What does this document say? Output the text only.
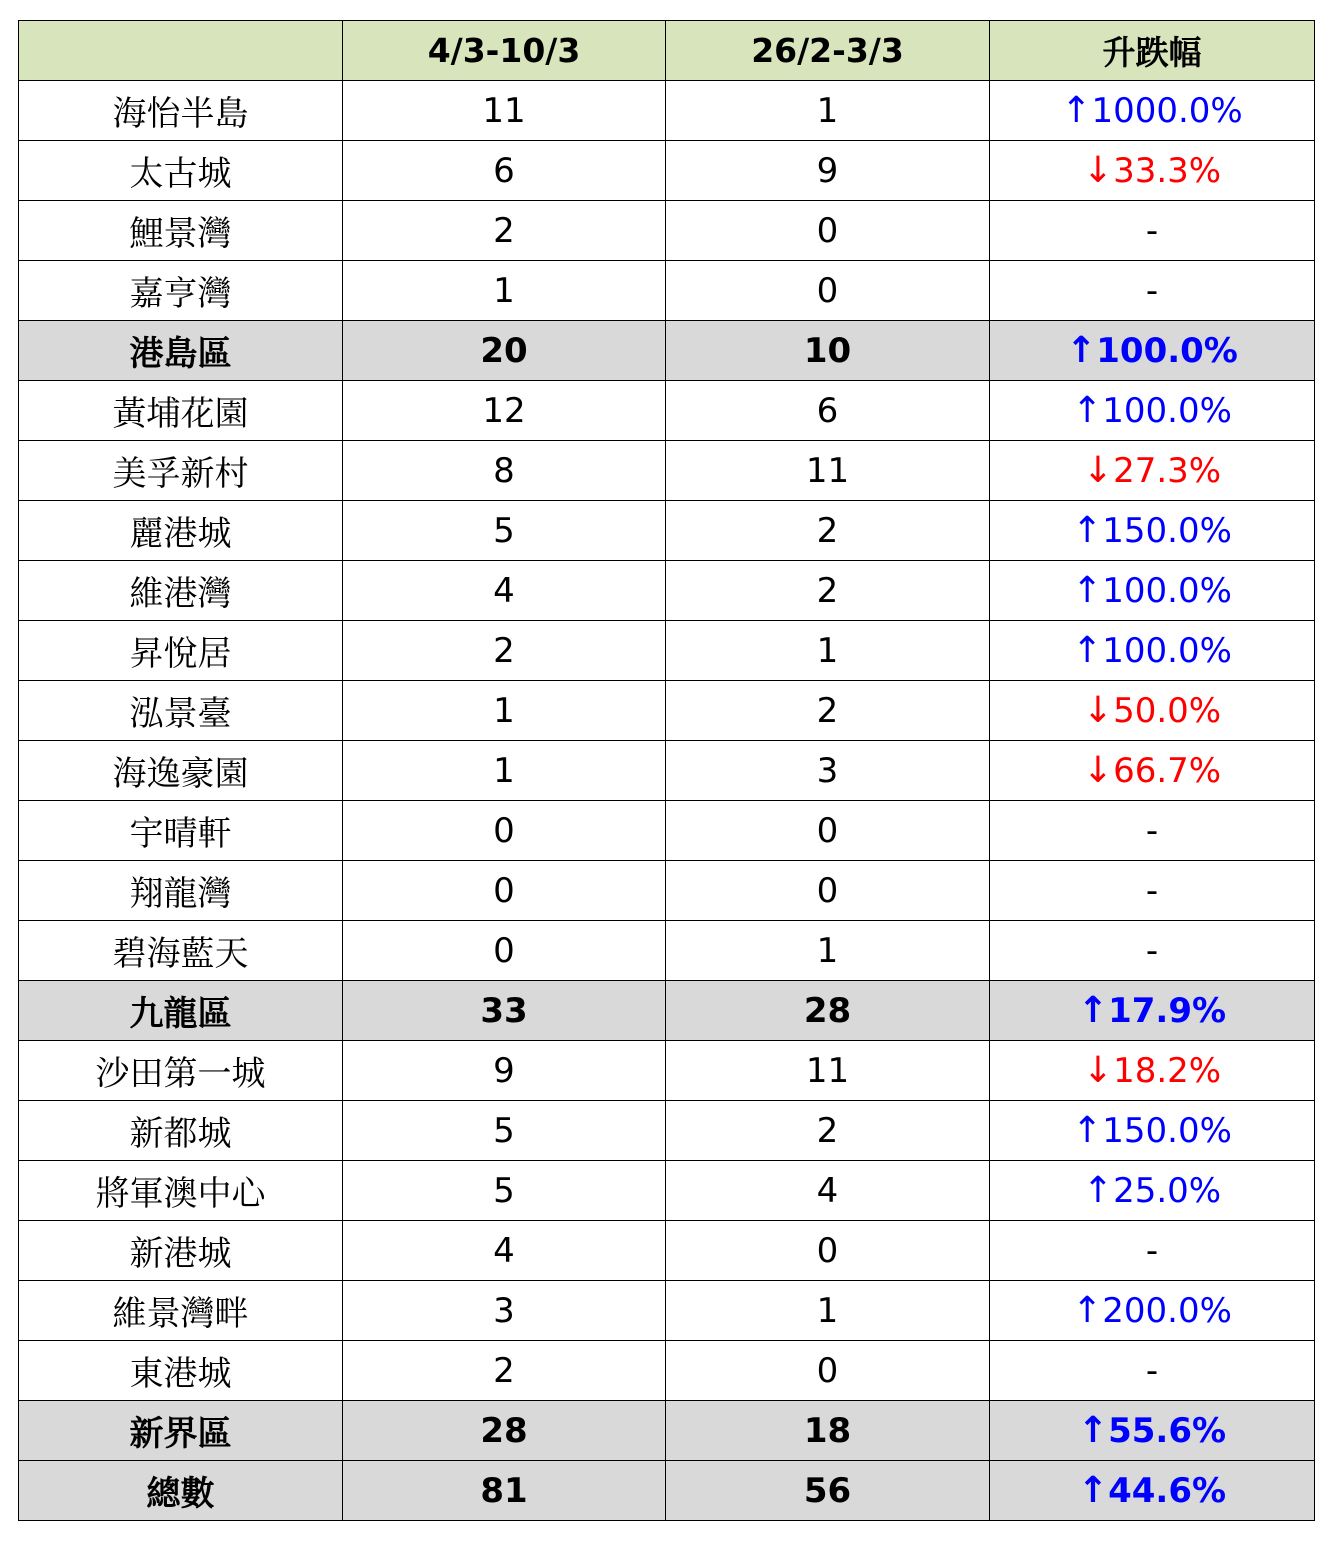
	4/3-10/3	26/2-3/3	升跌幅
海怡半島	11	1	↑1000.0%
太古城	6	9	↓33.3%
鯉景灣	2	0	-
嘉亨灣	1	0	-
港島區	20	10	↑100.0%
黃埔花園	12	6	↑100.0%
美孚新村	8	11	↓27.3%
麗港城	5	2	↑150.0%
維港灣	4	2	↑100.0%
昇悅居	2	1	↑100.0%
泓景臺	1	2	↓50.0%
海逸豪園	1	3	↓66.7%
宇晴軒	0	0	-
翔龍灣	0	0	-
碧海藍天	0	1	-
九龍區	33	28	↑17.9%
沙田第一城	9	11	↓18.2%
新都城	5	2	↑150.0%
將軍澳中心	5	4	↑25.0%
新港城	4	0	-
維景灣畔	3	1	↑200.0%
東港城	2	0	-
新界區	28	18	↑55.6%
總數	81	56	↑44.6%
